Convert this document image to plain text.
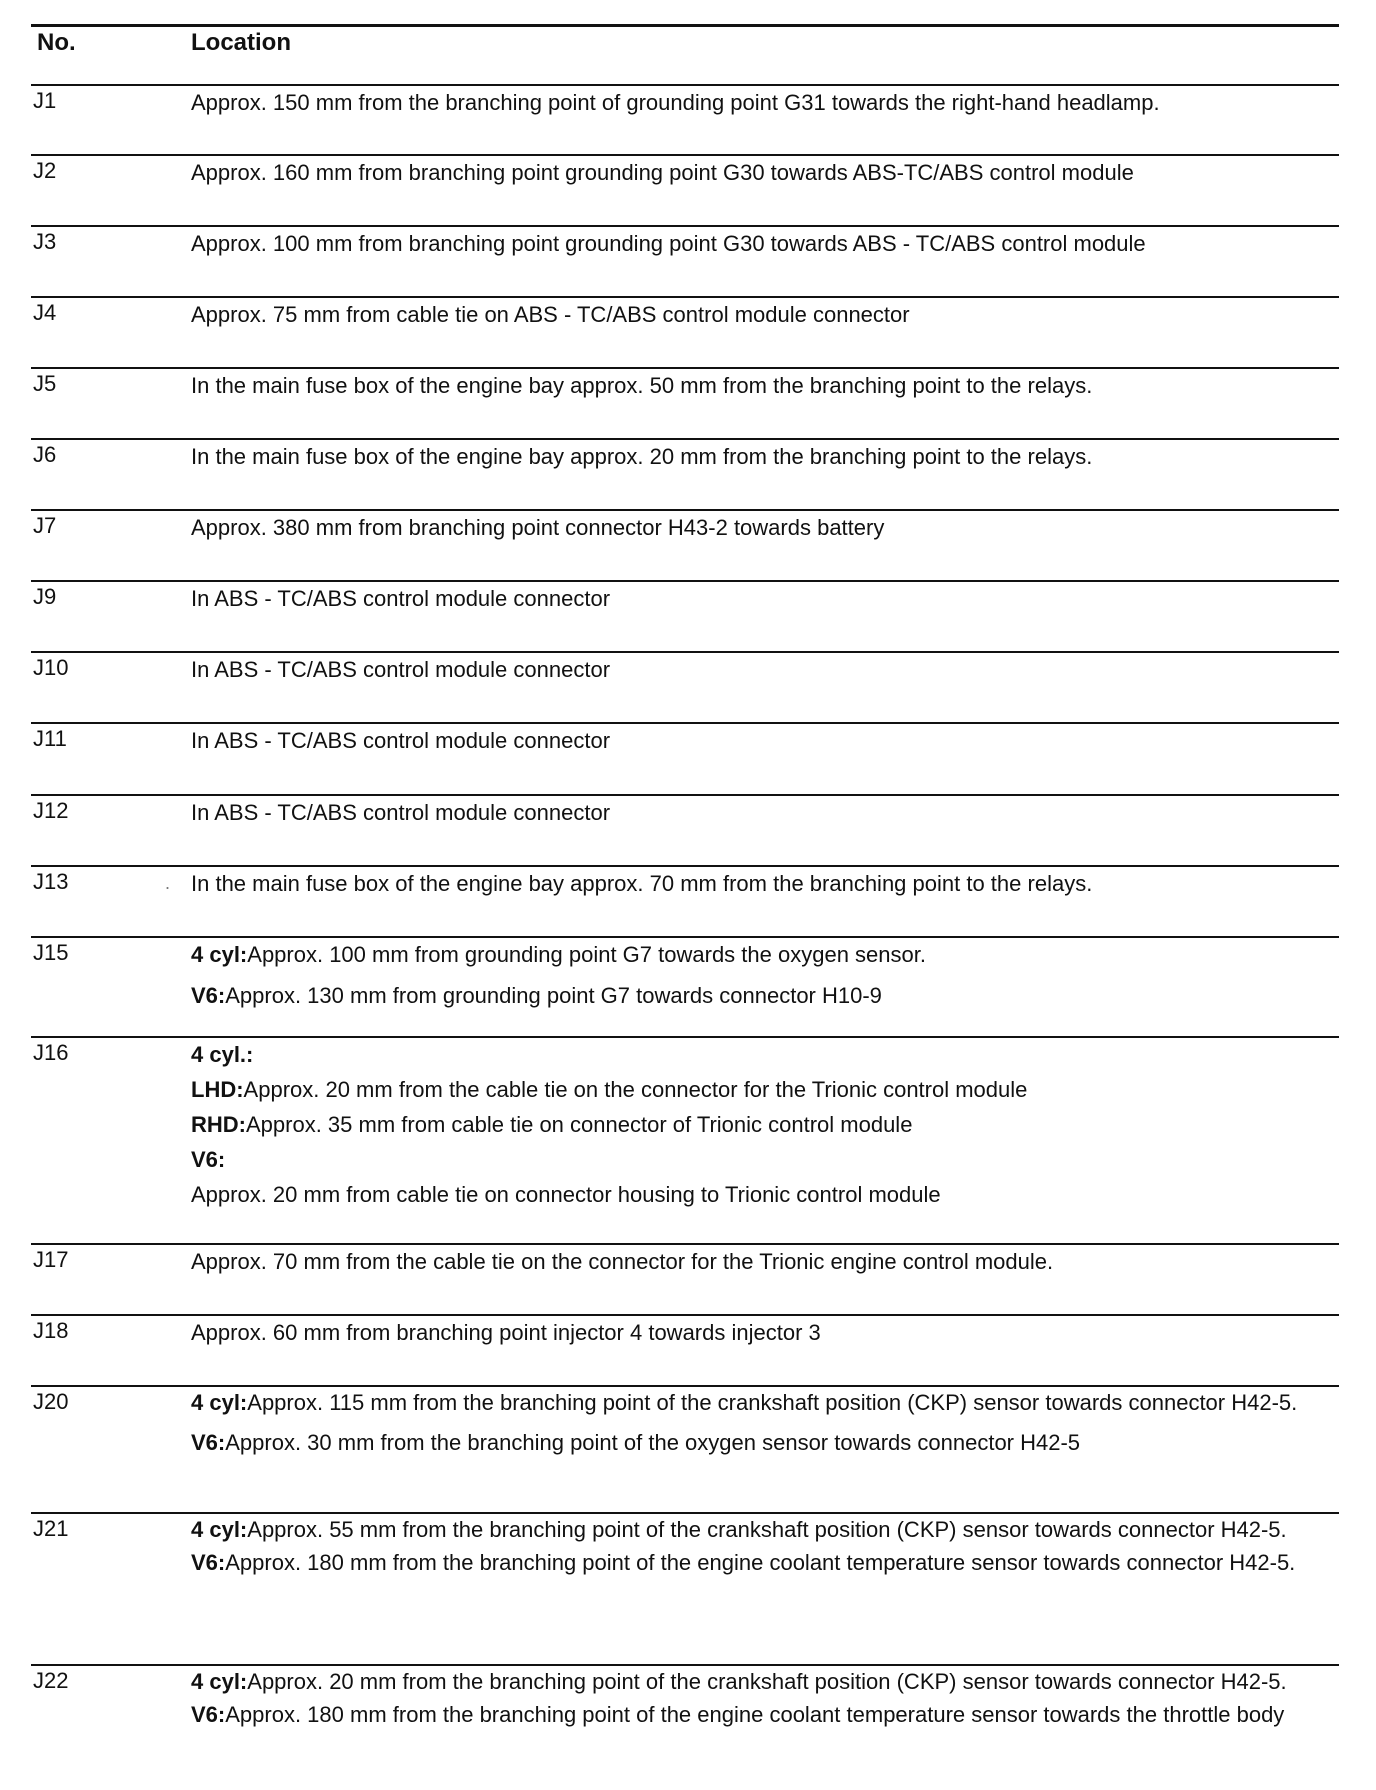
No.	Location
J1	Approx. 150 mm from the branching point of grounding point G31 towards the right-hand headlamp.
J2	Approx. 160 mm from branching point grounding point G30 towards ABS-TC/ABS control module
J3	Approx. 100 mm from branching point grounding point G30 towards ABS - TC/ABS control module
J4	Approx. 75 mm from cable tie on ABS - TC/ABS control module connector
J5	In the main fuse box of the engine bay approx. 50 mm from the branching point to the relays.
J6	In the main fuse box of the engine bay approx. 20 mm from the branching point to the relays.
J7	Approx. 380 mm from branching point connector H43-2 towards battery
J9	In ABS - TC/ABS control module connector
J10	In ABS - TC/ABS control module connector
J11	In ABS - TC/ABS control module connector
J12	In ABS - TC/ABS control module connector
J13	. In the main fuse box of the engine bay approx. 70 mm from the branching point to the relays.
J15	4 cyl:Approx. 100 mm from grounding point G7 towards the oxygen sensor.
V6:Approx. 130 mm from grounding point G7 towards connector H10-9
J16	4 cyl.:
LHD:Approx. 20 mm from the cable tie on the connector for the Trionic control module
RHD:Approx. 35 mm from cable tie on connector of Trionic control module
V6:
Approx. 20 mm from cable tie on connector housing to Trionic control module
J17	Approx. 70 mm from the cable tie on the connector for the Trionic engine control module.
J18	Approx. 60 mm from branching point injector 4 towards injector 3
J20	4 cyl:Approx. 115 mm from the branching point of the crankshaft position (CKP) sensor towards connector H42-5.
V6:Approx. 30 mm from the branching point of the oxygen sensor towards connector H42-5
J21	4 cyl:Approx. 55 mm from the branching point of the crankshaft position (CKP) sensor towards connector H42-5.
V6:Approx. 180 mm from the branching point of the engine coolant temperature sensor towards connector H42-5.
J22	4 cyl:Approx. 20 mm from the branching point of the crankshaft position (CKP) sensor towards connector H42-5.
V6:Approx. 180 mm from the branching point of the engine coolant temperature sensor towards the throttle body
